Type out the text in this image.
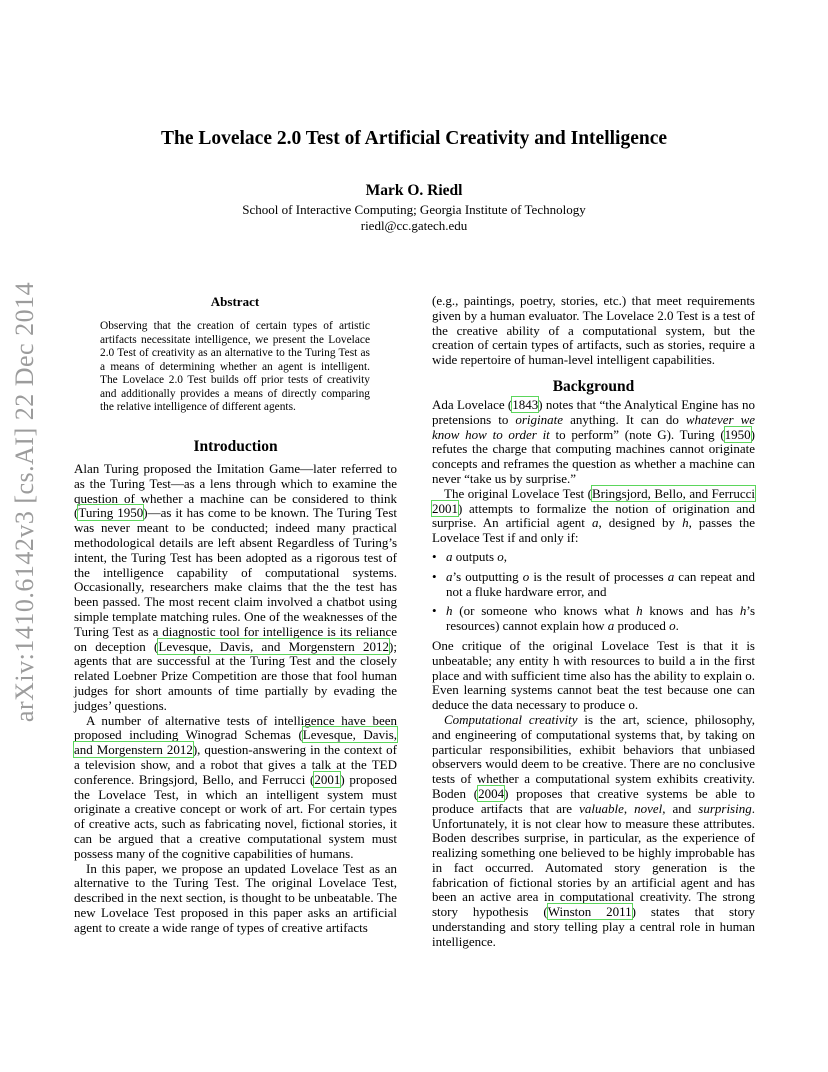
The Lovelace 2.0 Test of Artificial Creativity and Intelligence
Mark O. Riedl
School of Interactive Computing; Georgia Institute of Technology
riedl@cc.gatech.edu
arXiv:1410.6142v3 [cs.AI] 22 Dec 2014	Abstract
Observing that the creation of certain types of artistic artifacts necessitate intelligence, we present the Lovelace 2.0 Test of creativity as an alternative to the Turing Test as a means of determining whether an agent is intelligent. The Lovelace 2.0 Test builds off prior tests of creativity and additionally provides a means of directly comparing the relative intelligence of different agents.
Introduction

Alan Turing proposed the Imitation Game—later referred to as the Turing Test—as a lens through which to examine the question of whether a machine can be considered to think (Turing 1950)—as it has come to be known. The Turing Test was never meant to be conducted; indeed many practical methodological details are left absent Regardless of Turing’s intent, the Turing Test has been adopted as a rigorous test of the intelligence capability of computational systems. Occasionally, researchers make claims that the the test has been passed. The most recent claim involved a chatbot using simple template matching rules. One of the weaknesses of the Turing Test as a diagnostic tool for intelligence is its reliance on deception (Levesque, Davis, and Morgenstern 2012); agents that are successful at the Turing Test and the closely related Loebner Prize Competition are those that fool human judges for short amounts of time partially by evading the judges’ questions.

A number of alternative tests of intelligence have been proposed including Winograd Schemas (Levesque, Davis, and Morgenstern 2012), question-answering in the context of a television show, and a robot that gives a talk at the TED conference. Bringsjord, Bello, and Ferrucci (2001) proposed the Lovelace Test, in which an intelligent system must originate a creative concept or work of art. For certain types of creative acts, such as fabricating novel, fictional stories, it can be argued that a creative computational system must possess many of the cognitive capabilities of humans.

In this paper, we propose an updated Lovelace Test as an alternative to the Turing Test. The original Lovelace Test, described in the next section, is thought to be unbeatable. The new Lovelace Test proposed in this paper asks an artificial agent to create a wide range of types of creative artifacts

(e.g., paintings, poetry, stories, etc.) that meet requirements given by a human evaluator. The Lovelace 2.0 Test is a test of the creative ability of a computational system, but the creation of certain types of artifacts, such as stories, require a wide repertoire of human-level intelligent capabilities.

Background

Ada Lovelace (1843) notes that “the Analytical Engine has no pretensions to originate anything. It can do whatever we know how to order it to perform” (note G). Turing (1950) refutes the charge that computing machines cannot originate concepts and reframes the question as whether a machine can never “take us by surprise.”

The original Lovelace Test (Bringsjord, Bello, and Ferrucci 2001) attempts to formalize the notion of origination and surprise. An artificial agent a, designed by h, passes the Lovelace Test if and only if:

• a outputs o,
• a’s outputting o is the result of processes a can repeat and not a fluke hardware error, and
• h (or someone who knows what h knows and has h’s resources) cannot explain how a produced o.

One critique of the original Lovelace Test is that it is unbeatable; any entity h with resources to build a in the first place and with sufficient time also has the ability to explain o. Even learning systems cannot beat the test because one can deduce the data necessary to produce o.

Computational creativity is the art, science, philosophy, and engineering of computational systems that, by taking on particular responsibilities, exhibit behaviors that unbiased observers would deem to be creative. There are no conclusive tests of whether a computational system exhibits creativity. Boden (2004) proposes that creative systems be able to produce artifacts that are valuable, novel, and surprising. Unfortunately, it is not clear how to measure these attributes. Boden describes surprise, in particular, as the experience of realizing something one believed to be highly improbable has in fact occurred. Automated story generation is the fabrication of fictional stories by an artificial agent and has been an active area in computational creativity. The strong story hypothesis (Winston 2011) states that story understanding and story telling play a central role in human intelligence.
